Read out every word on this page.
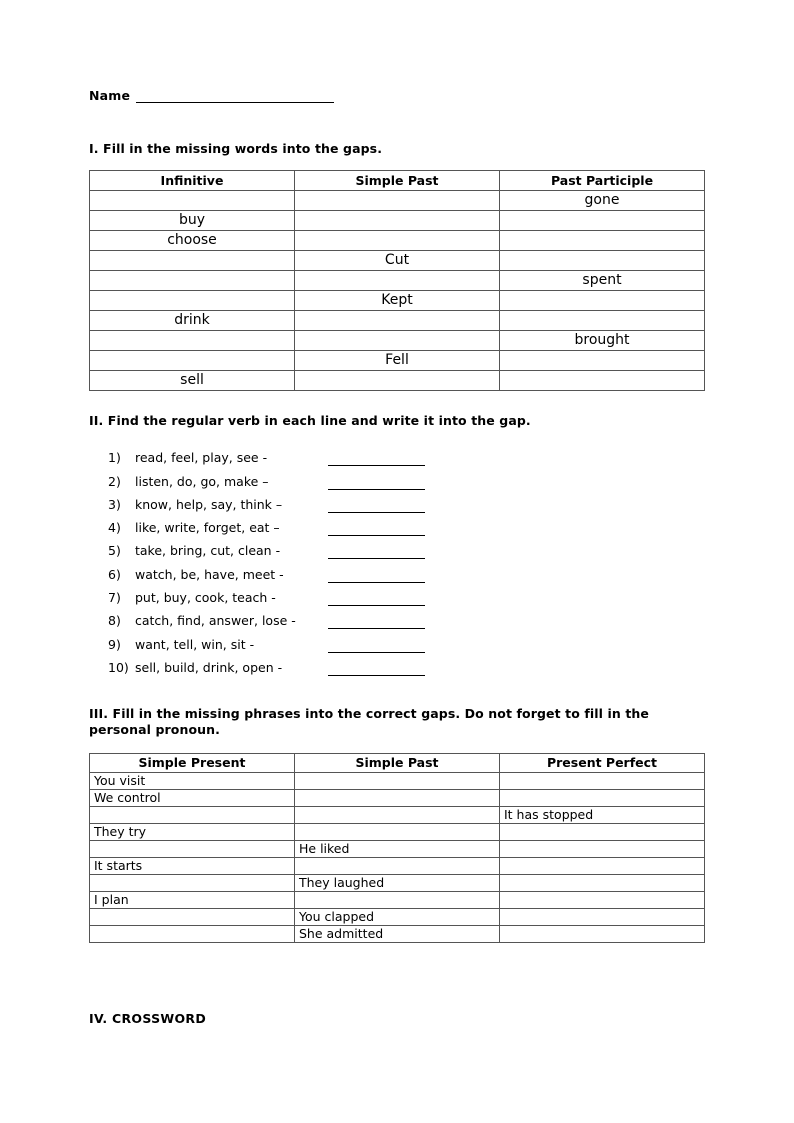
Name
I. Fill in the missing words into the gaps.
Infinitive	Simple Past	Past Participle
		gone
buy		
choose		
	Cut	
		spent
	Kept	
drink		
		brought
	Fell	
sell		
II. Find the regular verb in each line and write it into the gap.
1)	read, feel, play, see -
2)	listen, do, go, make –
3)	know, help, say, think –
4)	like, write, forget, eat –
5)	take, bring, cut, clean -
6)	watch, be, have, meet -
7)	put, buy, cook, teach -
8)	catch, find, answer, lose -
9)	want, tell, win, sit -
10) sell, build, drink, open -
III. Fill in the missing phrases into the correct gaps. Do not forget to fill in the personal pronoun.
Simple Present	Simple Past	Present Perfect
You visit		
We control		
		It has stopped
They try		
	He liked	
It starts		
	They laughed	
I plan		
	You clapped	
	She admitted	
IV. CROSSWORD
